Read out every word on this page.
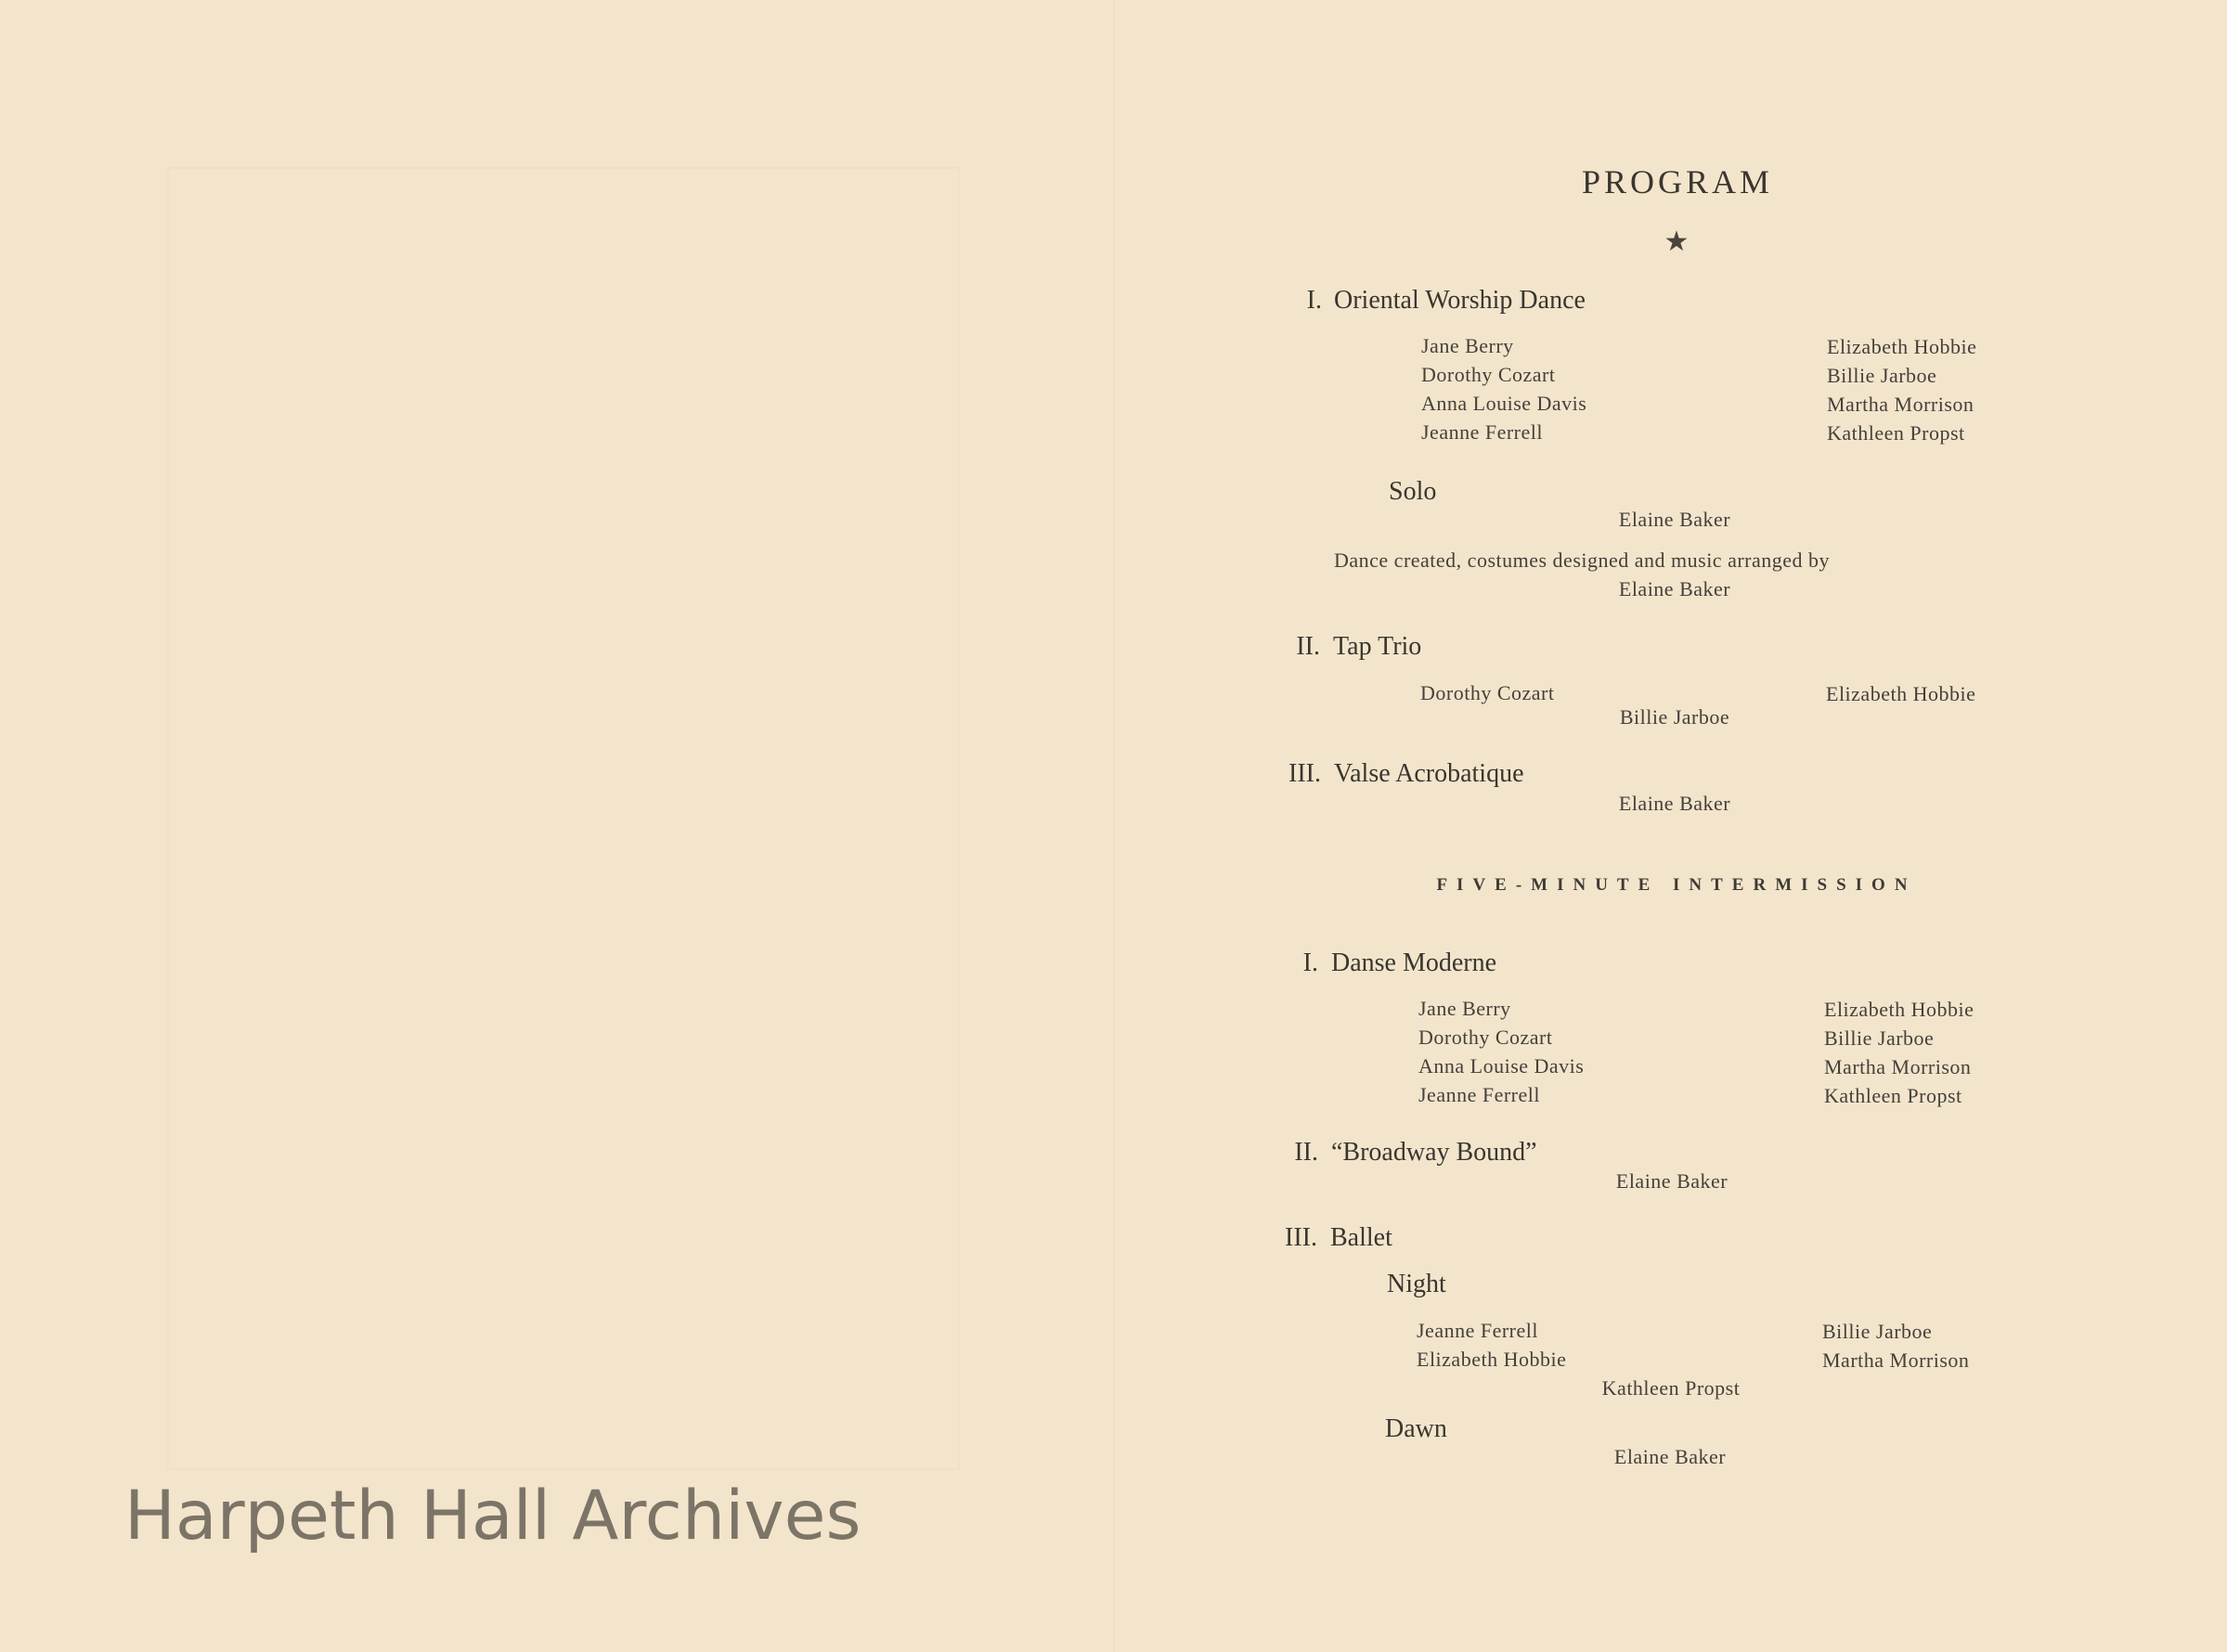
PROGRAM
★
I. Oriental Worship Dance
Jane Berry
Dorothy Cozart
Anna Louise Davis
Jeanne Ferrell
Elizabeth Hobbie
Billie Jarboe
Martha Morrison
Kathleen Propst
Solo
Elaine Baker
Dance created, costumes designed and music arranged by
Elaine Baker
II. Tap Trio
Dorothy Cozart	Elizabeth Hobbie
Billie Jarboe
III. Valse Acrobatique
Elaine Baker
FIVE-MINUTE INTERMISSION
I. Danse Moderne
Jane Berry
Dorothy Cozart
Anna Louise Davis
Jeanne Ferrell
Elizabeth Hobbie
Billie Jarboe
Martha Morrison
Kathleen Propst
II. “Broadway Bound”
Elaine Baker
III. Ballet
Night
Jeanne Ferrell
Elizabeth Hobbie
Billie Jarboe
Martha Morrison
Kathleen Propst
Dawn
Elaine Baker
Harpeth Hall Archives
